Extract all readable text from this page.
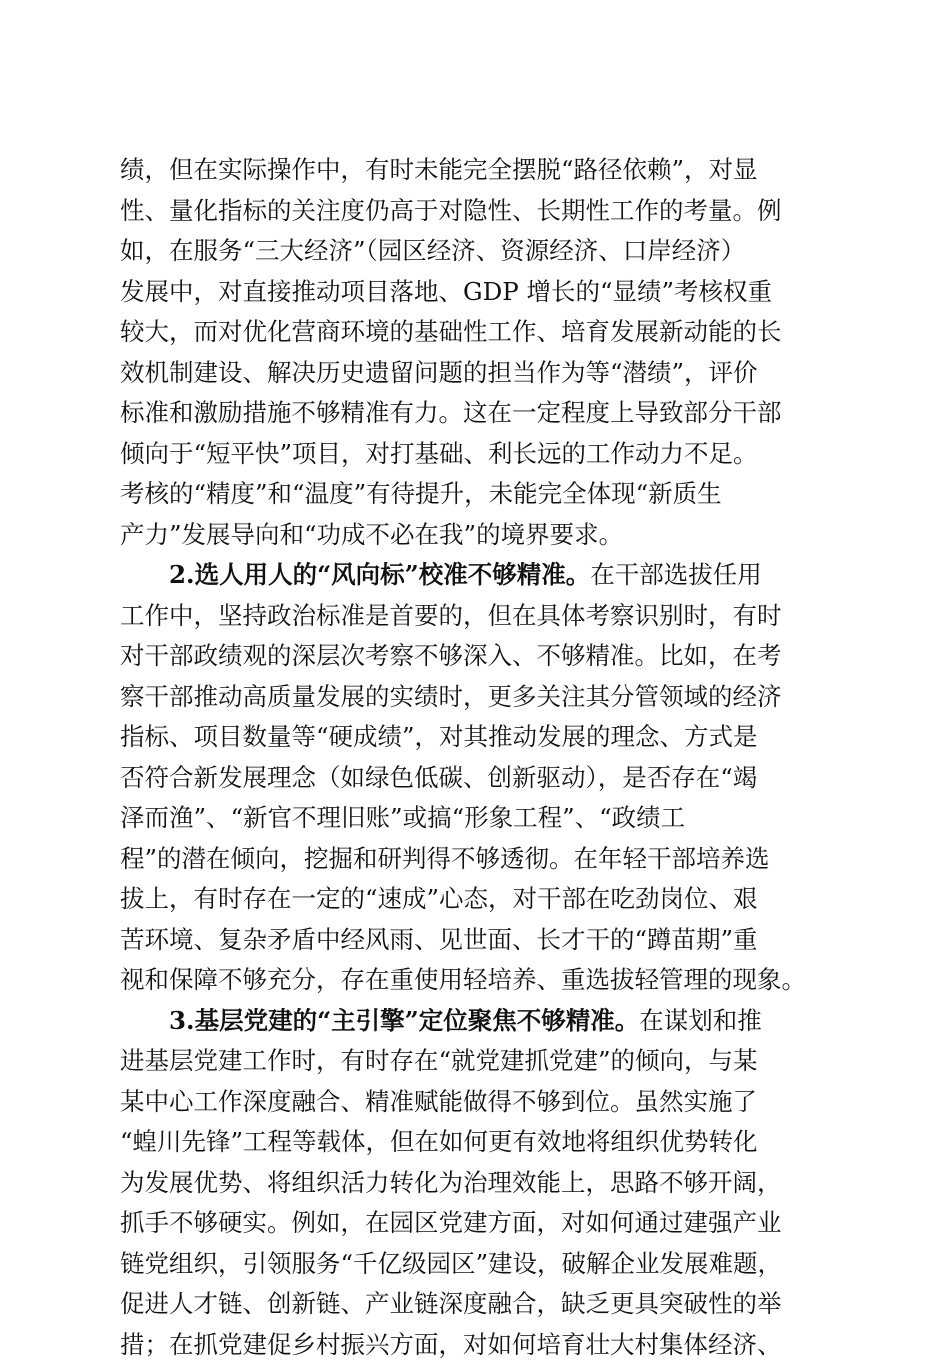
绩，但在实际操作中，有时未能完全摆脱“路径依赖”，对显
性、量化指标的关注度仍高于对隐性、长期性工作的考量。例
如，在服务“三大经济”（园区经济、资源经济、口岸经济）
发展中，对直接推动项目落地、GDP 增长的“显绩”考核权重
较大，而对优化营商环境的基础性工作、培育发展新动能的长
效机制建设、解决历史遗留问题的担当作为等“潜绩”，评价
标准和激励措施不够精准有力。这在一定程度上导致部分干部
倾向于“短平快”项目，对打基础、利长远的工作动力不足。
考核的“精度”和“温度”有待提升，未能完全体现“新质生
产力”发展导向和“功成不必在我”的境界要求。
2.选人用人的“风向标”校准不够精准。在干部选拔任用
工作中，坚持政治标准是首要的，但在具体考察识别时，有时
对干部政绩观的深层次考察不够深入、不够精准。比如，在考
察干部推动高质量发展的实绩时，更多关注其分管领域的经济
指标、项目数量等“硬成绩”，对其推动发展的理念、方式是
否符合新发展理念（如绿色低碳、创新驱动），是否存在“竭
泽而渔”、“新官不理旧账”或搞“形象工程”、“政绩工
程”的潜在倾向，挖掘和研判得不够透彻。在年轻干部培养选
拔上，有时存在一定的“速成”心态，对干部在吃劲岗位、艰
苦环境、复杂矛盾中经风雨、见世面、长才干的“蹲苗期”重
视和保障不够充分，存在重使用轻培养、重选拔轻管理的现象。
3.基层党建的“主引擎”定位聚焦不够精准。在谋划和推
进基层党建工作时，有时存在“就党建抓党建”的倾向，与某
某中心工作深度融合、精准赋能做得不够到位。虽然实施了
“蝗川先锋”工程等载体，但在如何更有效地将组织优势转化
为发展优势、将组织活力转化为治理效能上，思路不够开阔，
抓手不够硬实。例如，在园区党建方面，对如何通过建强产业
链党组织，引领服务“千亿级园区”建设，破解企业发展难题，
促进人才链、创新链、产业链深度融合，缺乏更具突破性的举
措；在抓党建促乡村振兴方面，对如何培育壮大村集体经济、
